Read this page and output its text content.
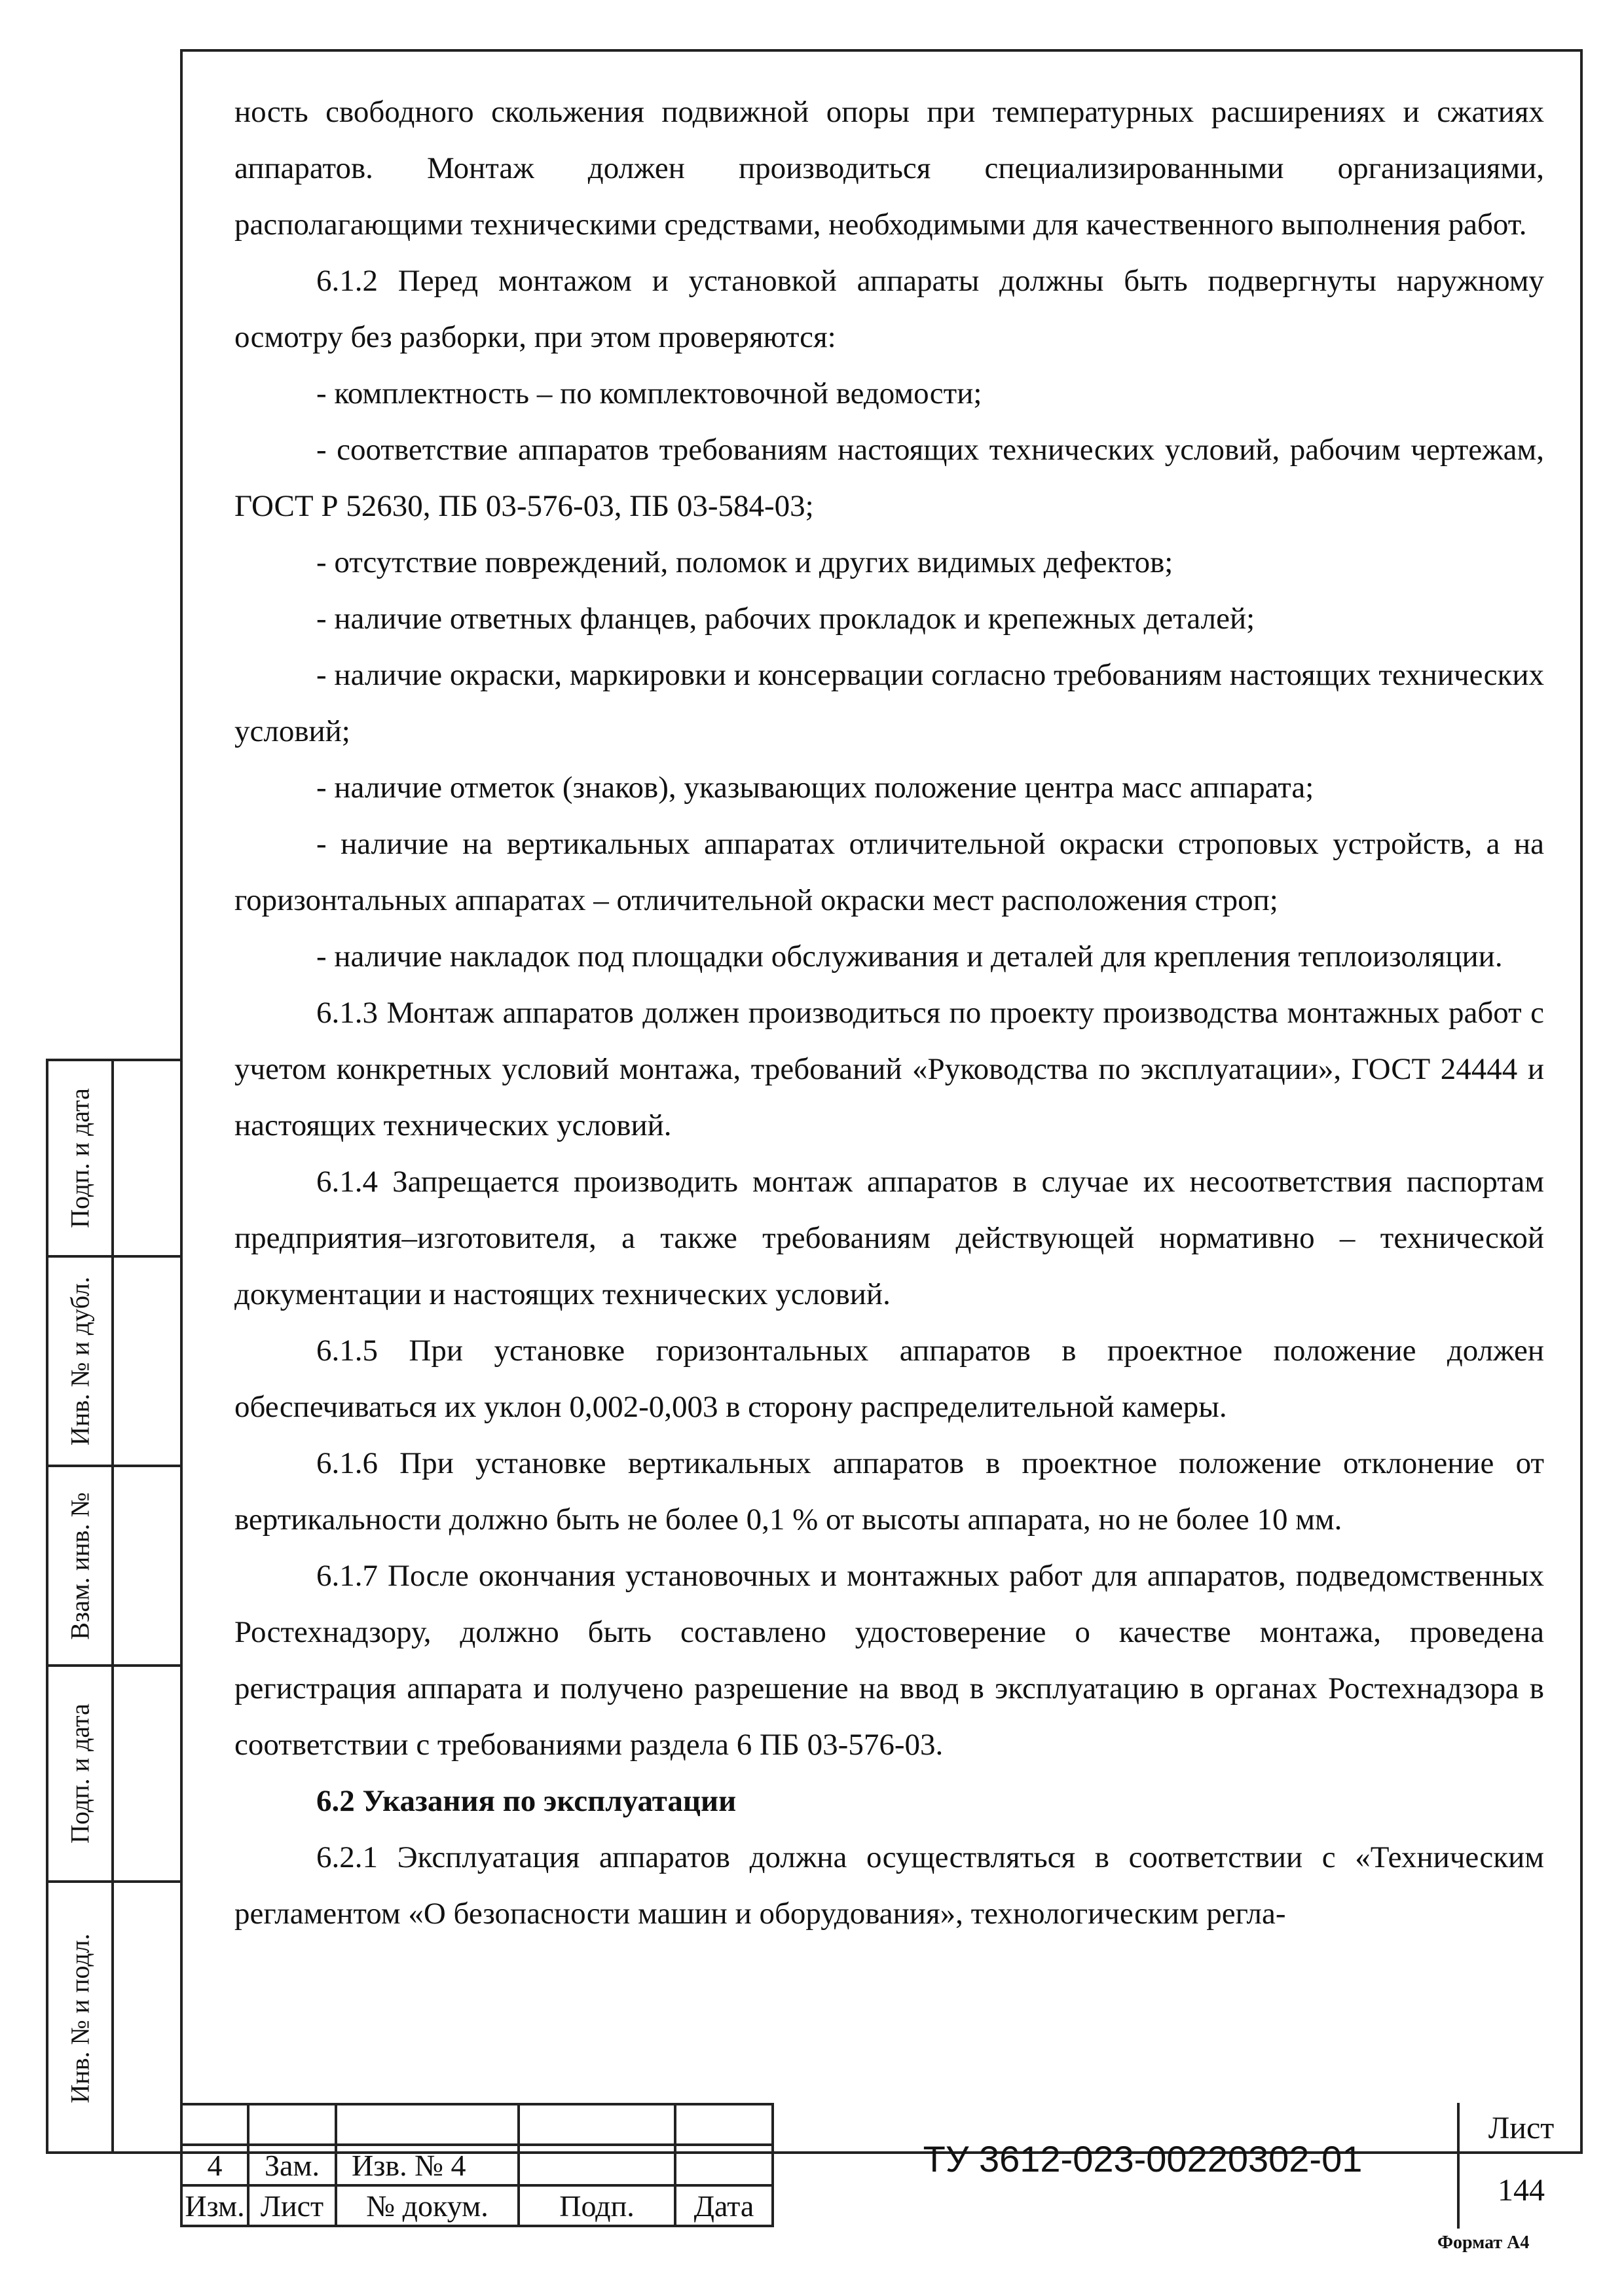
ность свободного скольжения подвижной опоры при температурных расширениях и сжатиях аппаратов. Монтаж должен производиться специализированными организациями, располагающими техническими средствами, необходимыми для качественного выполнения работ.

6.1.2 Перед монтажом и установкой аппараты должны быть подвергнуты наружному осмотру без разборки, при этом проверяются:

- комплектность – по комплектовочной ведомости;

- соответствие аппаратов требованиям настоящих технических условий, рабочим чертежам, ГОСТ Р 52630, ПБ 03-576-03, ПБ 03-584-03;

- отсутствие повреждений, поломок и других видимых дефектов;

- наличие ответных фланцев, рабочих прокладок и крепежных деталей;

- наличие окраски, маркировки и консервации согласно требованиям настоящих технических условий;

- наличие отметок (знаков), указывающих положение центра масс аппарата;

- наличие на вертикальных аппаратах отличительной окраски строповых устройств, а на горизонтальных аппаратах – отличительной окраски мест расположения строп;

- наличие накладок под площадки обслуживания и деталей для крепления теплоизоляции.

6.1.3 Монтаж аппаратов должен производиться по проекту производства монтажных работ с учетом конкретных условий монтажа, требований «Руководства по эксплуатации», ГОСТ 24444 и настоящих технических условий.

6.1.4 Запрещается производить монтаж аппаратов в случае их несоответствия паспортам предприятия–изготовителя, а также требованиям действующей нормативно – технической документации и настоящих технических условий.

6.1.5 При установке горизонтальных аппаратов в проектное положение должен обеспечиваться их уклон 0,002-0,003 в сторону распределительной камеры.

6.1.6 При установке вертикальных аппаратов в проектное положение отклонение от вертикальности должно быть не более 0,1 % от высоты аппарата, но не более 10 мм.

6.1.7 После окончания установочных и монтажных работ для аппаратов, подведомственных Ростехнадзору, должно быть составлено удостоверение о качестве монтажа, проведена регистрация аппарата и получено разрешение на ввод в эксплуатацию в органах Ростехнадзора в соответствии с требованиями раздела 6 ПБ 03-576-03.

6.2 Указания по эксплуатации

6.2.1 Эксплуатация аппаратов должна осуществляться в соответствии с «Техническим регламентом «О безопасности машин и оборудования», технологическим регла-

Подп. и дата
Инв. № и дубл.
Взам. инв. №
Подп. и дата
Инв. № и подл.

4	Зам.	Изв. № 4		
Изм.	Лист	№ докум.	Подп.	Дата
ТУ 3612-023-00220302-01
Лист
144
Формат А4
